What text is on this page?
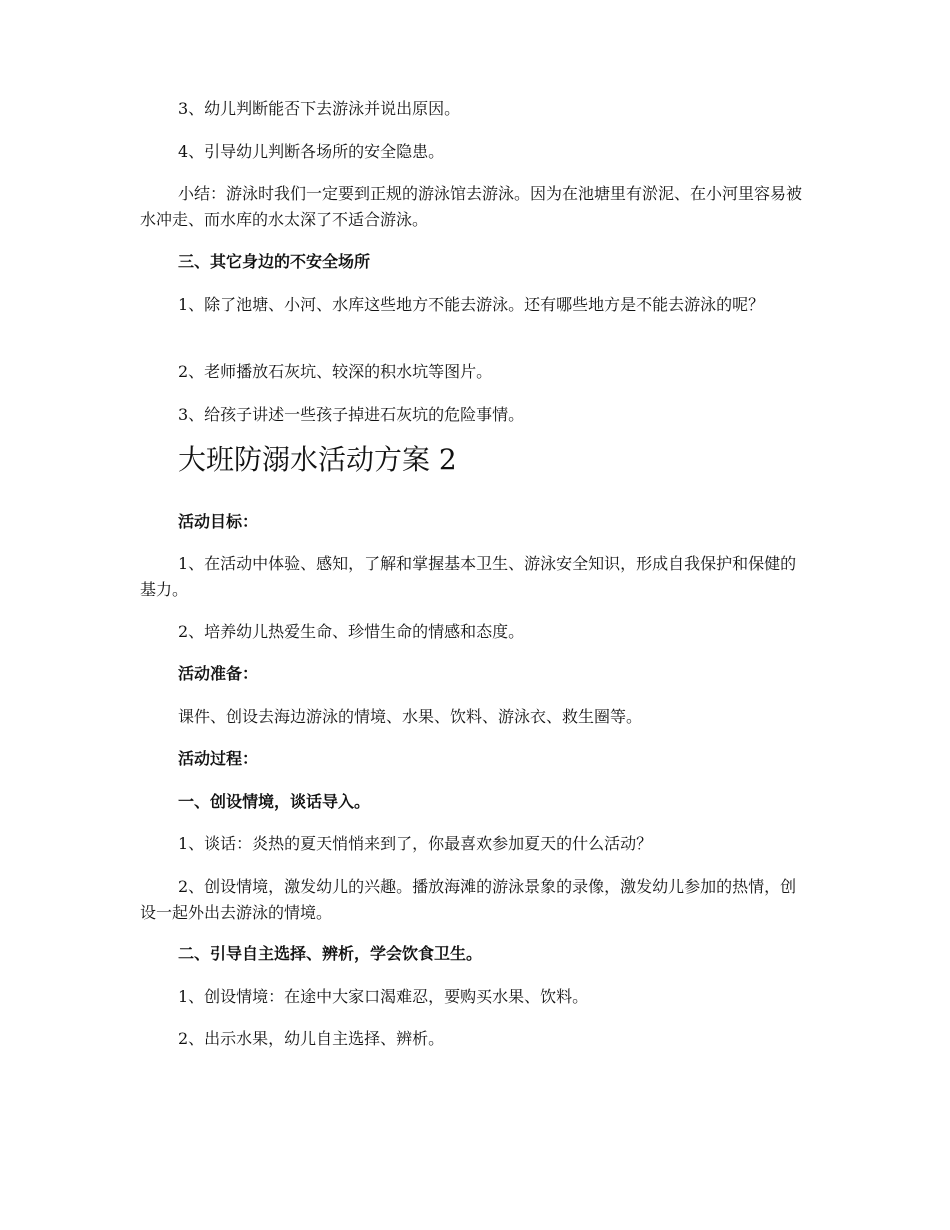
3、幼儿判断能否下去游泳并说出原因。

4、引导幼儿判断各场所的安全隐患。

小结：游泳时我们一定要到正规的游泳馆去游泳。因为在池塘里有淤泥、在小河里容易被水冲走、而水库的水太深了不适合游泳。

三、其它身边的不安全场所

1、除了池塘、小河、水库这些地方不能去游泳。还有哪些地方是不能去游泳的呢？

2、老师播放石灰坑、较深的积水坑等图片。

3、给孩子讲述一些孩子掉进石灰坑的危险事情。

大班防溺水活动方案 2

活动目标：

1、在活动中体验、感知，了解和掌握基本卫生、游泳安全知识，形成自我保护和保健的基力。

2、培养幼儿热爱生命、珍惜生命的情感和态度。

活动准备：

课件、创设去海边游泳的情境、水果、饮料、游泳衣、救生圈等。

活动过程：

一、创设情境，谈话导入。

1、谈话：炎热的夏天悄悄来到了，你最喜欢参加夏天的什么活动？

2、创设情境，激发幼儿的兴趣。播放海滩的游泳景象的录像，激发幼儿参加的热情，创设一起外出去游泳的情境。

二、引导自主选择、辨析，学会饮食卫生。

1、创设情境：在途中大家口渴难忍，要购买水果、饮料。

2、出示水果，幼儿自主选择、辨析。
